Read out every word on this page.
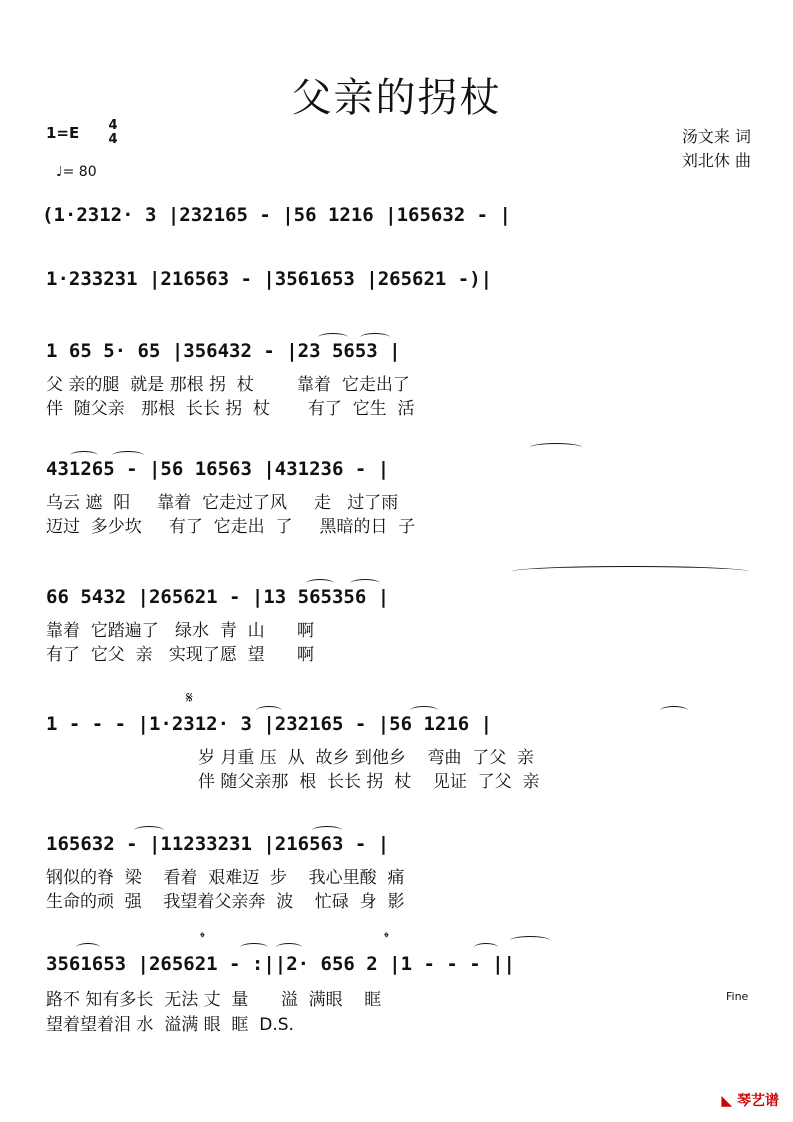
父亲的拐杖
1=E 4
4
♩= 80
汤文来 词
刘北休 曲
(1·2312· 3 |232165 - |56 1216 |165632 - |
1·233231 |216563 - |3561653 |265621 -)|
1 65 5· 65 |356432 - |23 5653 |
父 亲的腿  就是 那根 拐  杖        靠着  它走出了
伴  随父亲   那根  长长 拐  杖       有了  它生  活
431265 - |56 16563 |431236 - |
乌云 遮  阳     靠着  它走过了风     走   过了雨
迈过  多少坎     有了  它走出  了     黑暗的日  子
66 5432 |265621 - |13 565356 |
靠着  它踏遍了   绿水  青  山      啊
有了  它父  亲   实现了愿  望      啊
𝄋
1 - - - |1·2312· 3 |232165 - |56 1216 |
岁 月重 压  从  故乡 到他乡    弯曲  了父  亲
伴 随父亲那  根  长长 拐  杖    见证  了父  亲
165632 - |11233231 |216563 - |
钢似的脊  梁    看着  艰难迈  步    我心里酸  痛
生命的顽  强    我望着父亲奔  波    忙碌  身  影
𝄌	𝄌
3561653 |265621 - :||2· 656 2 |1 - - - ||
路不 知有多长  无法 丈  量      溢  满眼    眶
望着望着泪 水  溢满 眼  眶  D.S.
Fine
◣ 琴艺谱
